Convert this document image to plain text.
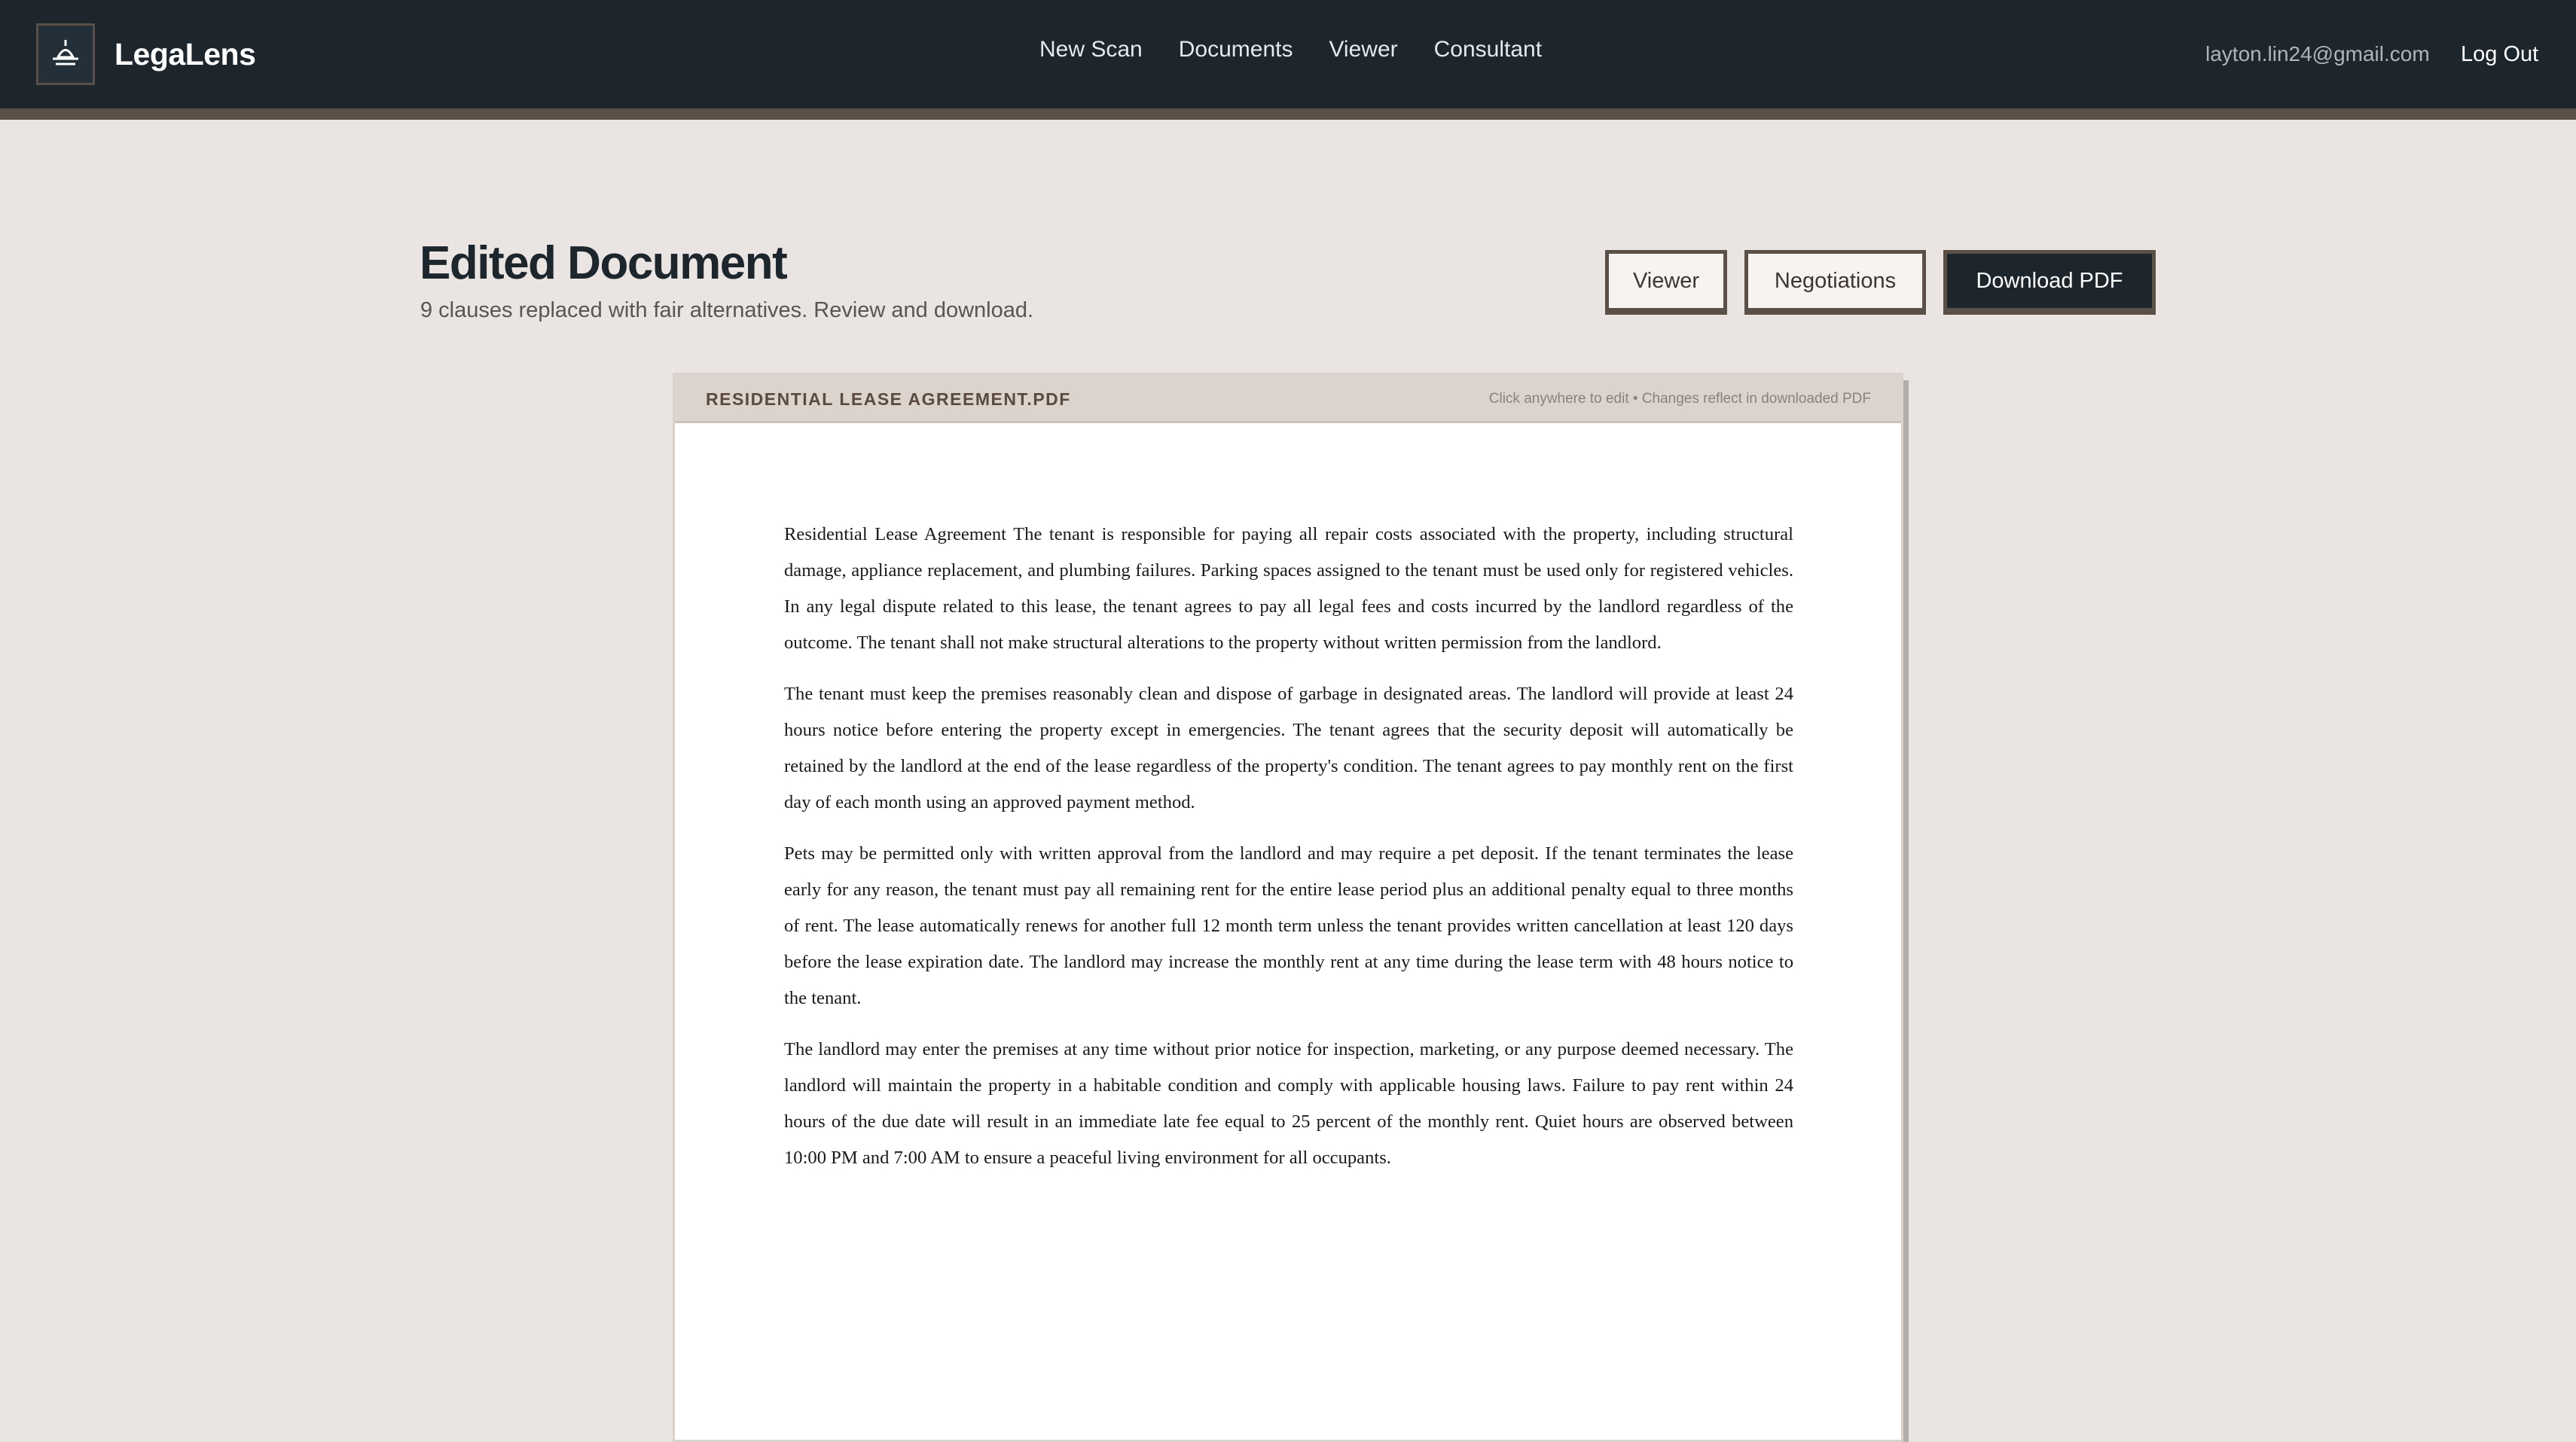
LegaLens	New Scan Documents Viewer Consultant	layton.lin24@gmail.com Log Out
Edited Document
9 clauses replaced with fair alternatives. Review and download.
Viewer	Negotiations	Download PDF
RESIDENTIAL LEASE AGREEMENT.PDF	Click anywhere to edit • Changes reflect in downloaded PDF

Residential Lease Agreement The tenant is responsible for paying all repair costs associated with the property, including structural damage, appliance replacement, and plumbing failures. Parking spaces assigned to the tenant must be used only for registered vehicles. In any legal dispute related to this lease, the tenant agrees to pay all legal fees and costs incurred by the landlord regardless of the outcome. The tenant shall not make structural alterations to the property without written permission from the landlord.

The tenant must keep the premises reasonably clean and dispose of garbage in designated areas. The landlord will provide at least 24 hours notice before entering the property except in emergencies. The tenant agrees that the security deposit will automatically be retained by the landlord at the end of the lease regardless of the property's condition. The tenant agrees to pay monthly rent on the first day of each month using an approved payment method.

Pets may be permitted only with written approval from the landlord and may require a pet deposit. If the tenant terminates the lease early for any reason, the tenant must pay all remaining rent for the entire lease period plus an additional penalty equal to three months of rent. The lease automatically renews for another full 12 month term unless the tenant provides written cancellation at least 120 days before the lease expiration date. The landlord may increase the monthly rent at any time during the lease term with 48 hours notice to the tenant.

The landlord may enter the premises at any time without prior notice for inspection, marketing, or any purpose deemed necessary. The landlord will maintain the property in a habitable condition and comply with applicable housing laws. Failure to pay rent within 24 hours of the due date will result in an immediate late fee equal to 25 percent of the monthly rent. Quiet hours are observed between 10:00 PM and 7:00 AM to ensure a peaceful living environment for all occupants.
